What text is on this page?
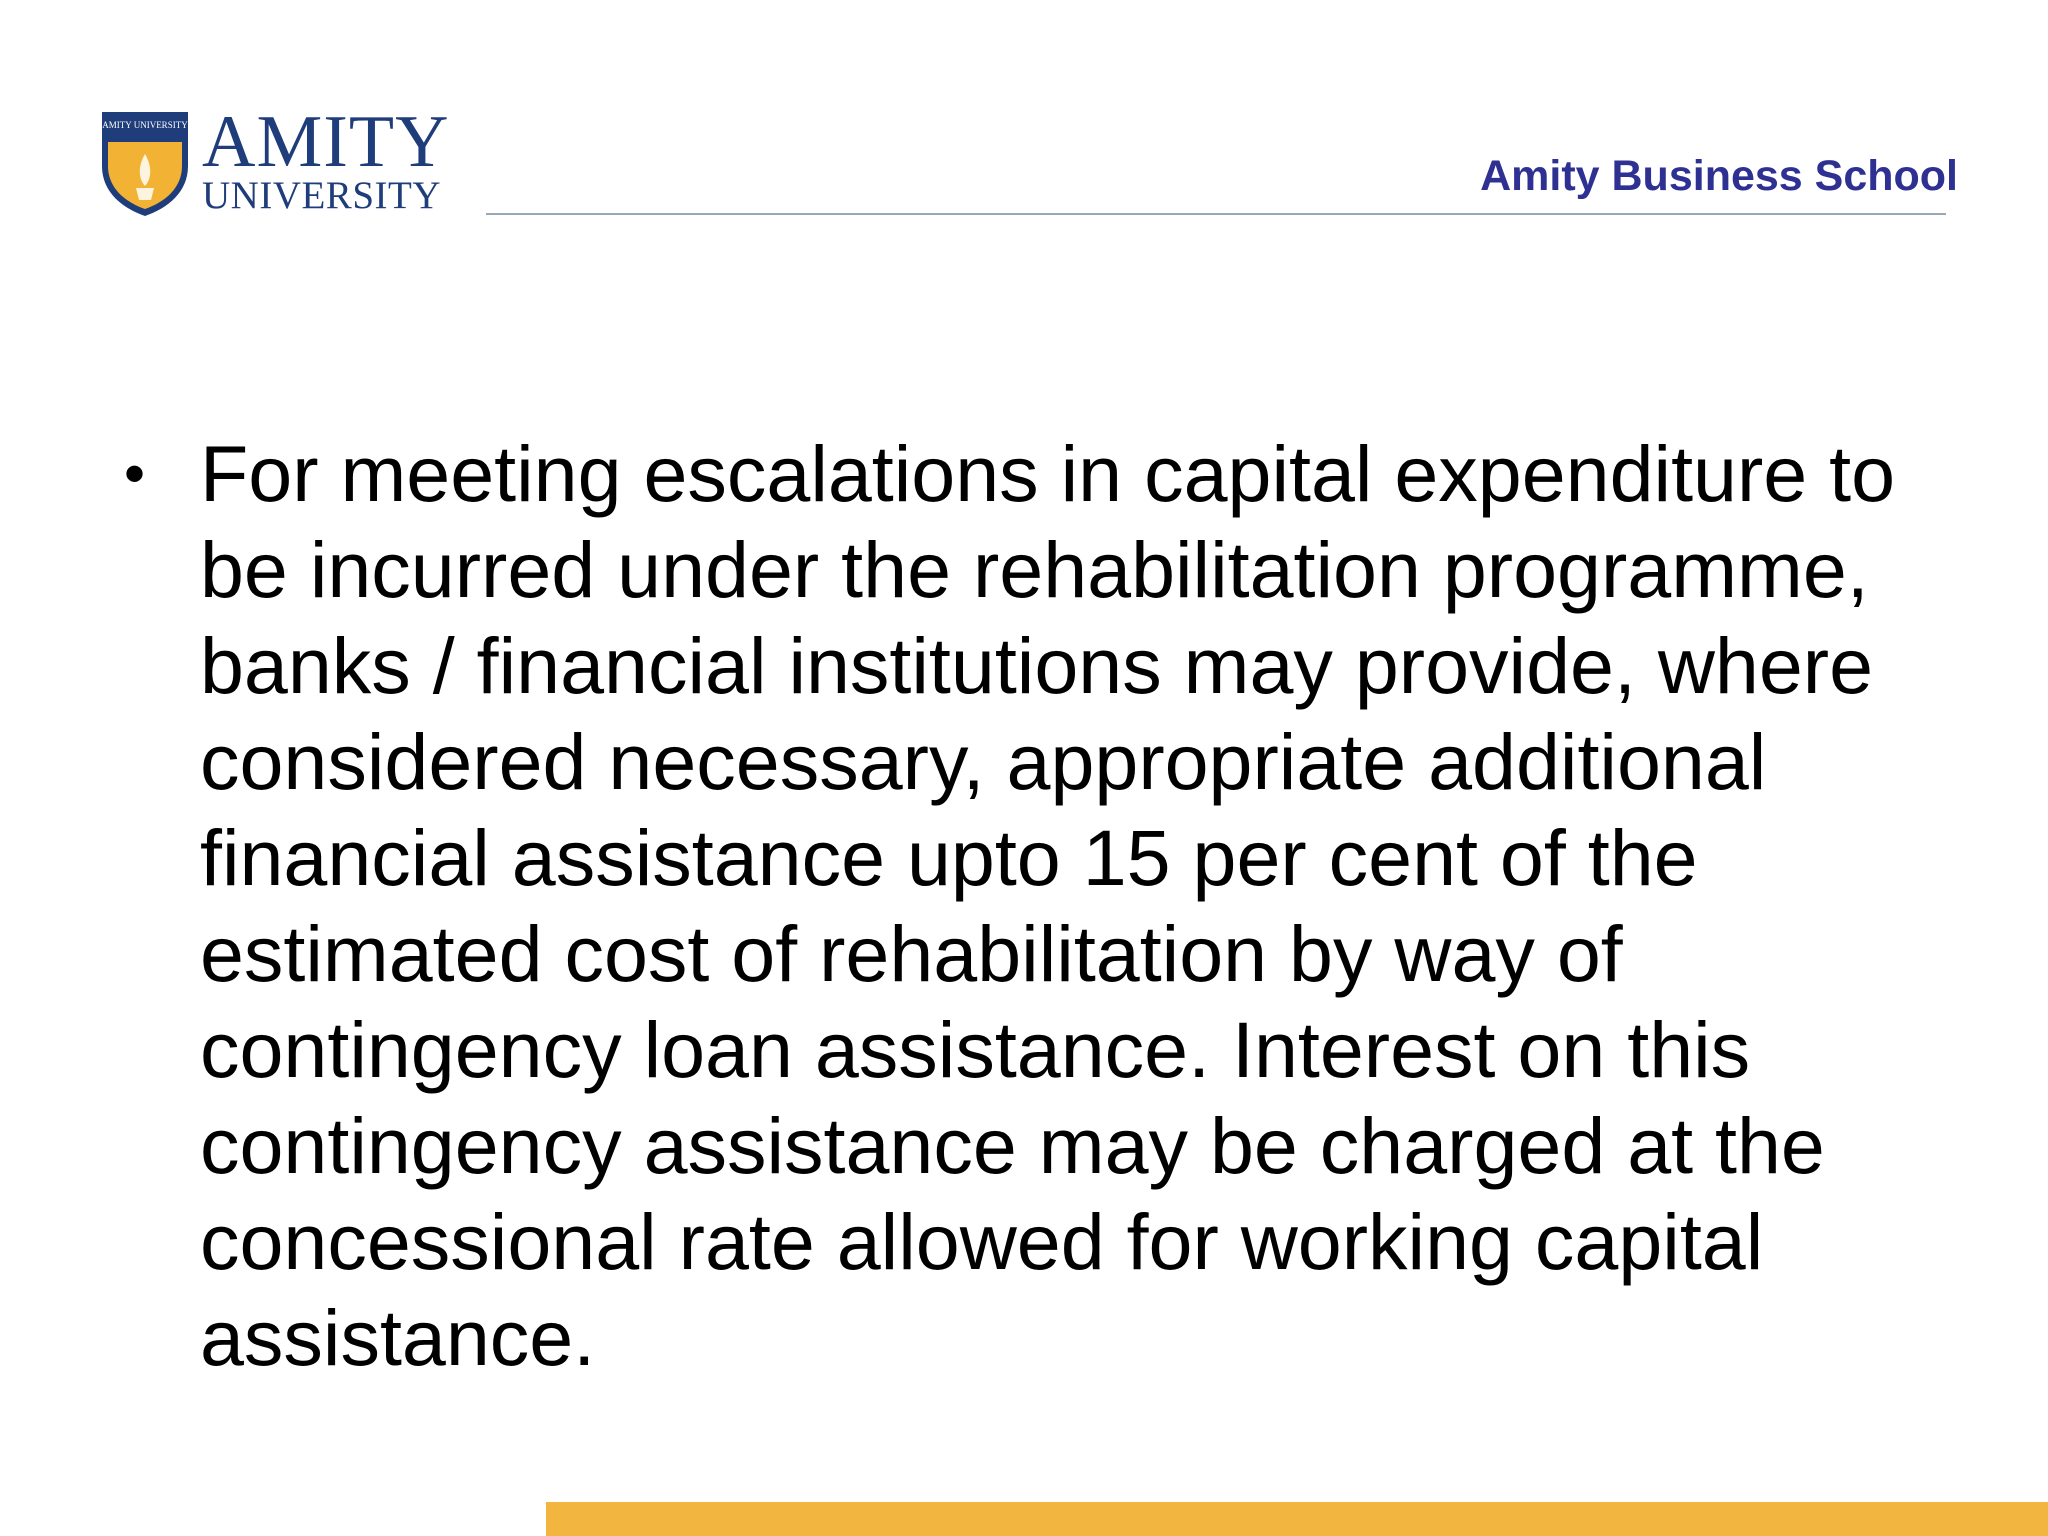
AMITY UNIVERSITY AMITY
UNIVERSITY	Amity Business School
• For meeting escalations in capital expenditure to be incurred under the rehabilitation programme, banks / financial institutions may provide, where considered necessary, appropriate additional financial assistance upto 15 per cent of the estimated cost of rehabilitation by way of contingency loan assistance. Interest on this contingency assistance may be charged at the concessional rate allowed for working capital assistance.
